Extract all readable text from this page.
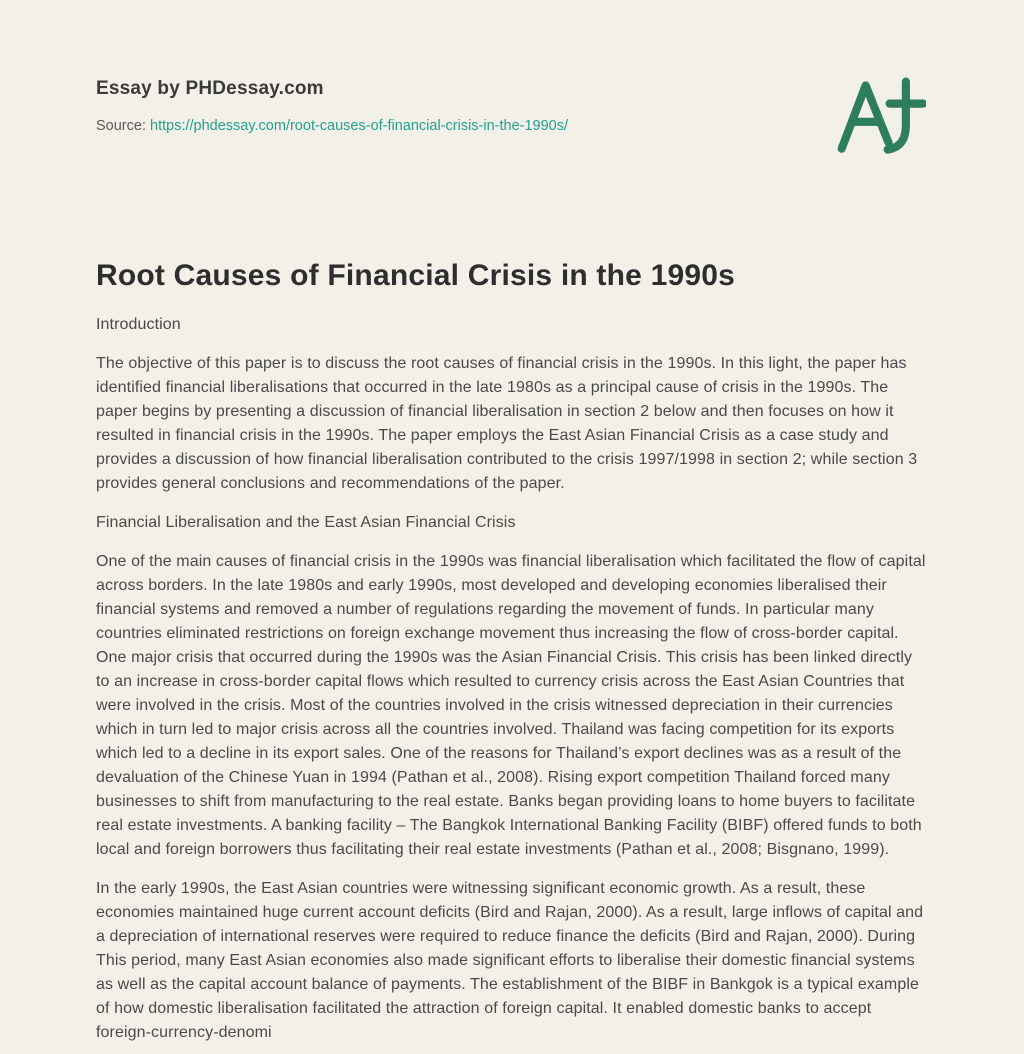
Essay by PHDessay.com
Source: https://phdessay.com/root-causes-of-financial-crisis-in-the-1990s/
Root Causes of Financial Crisis in the 1990s

Introduction

The objective of this paper is to discuss the root causes of financial crisis in the 1990s. In this light, the paper has identified financial liberalisations that occurred in the late 1980s as a principal cause of crisis in the 1990s. The paper begins by presenting a discussion of financial liberalisation in section 2 below and then focuses on how it resulted in financial crisis in the 1990s. The paper employs the East Asian Financial Crisis as a case study and provides a discussion of how financial liberalisation contributed to the crisis 1997/1998 in section 2; while section 3 provides general conclusions and recommendations of the paper.

Financial Liberalisation and the East Asian Financial Crisis

One of the main causes of financial crisis in the 1990s was financial liberalisation which facilitated the flow of capital across borders. In the late 1980s and early 1990s, most developed and developing economies liberalised their financial systems and removed a number of regulations regarding the movement of funds. In particular many countries eliminated restrictions on foreign exchange movement thus increasing the flow of cross-border capital. One major crisis that occurred during the 1990s was the Asian Financial Crisis. This crisis has been linked directly to an increase in cross-border capital flows which resulted to currency crisis across the East Asian Countries that were involved in the crisis. Most of the countries involved in the crisis witnessed depreciation in their currencies which in turn led to major crisis across all the countries involved. Thailand was facing competition for its exports which led to a decline in its export sales. One of the reasons for Thailand’s export declines was as a result of the devaluation of the Chinese Yuan in 1994 (Pathan et al., 2008). Rising export competition Thailand forced many businesses to shift from manufacturing to the real estate. Banks began providing loans to home buyers to facilitate real estate investments. A banking facility – The Bangkok International Banking Facility (BIBF) offered funds to both local and foreign borrowers thus facilitating their real estate investments (Pathan et al., 2008; Bisgnano, 1999).

In the early 1990s, the East Asian countries were witnessing significant economic growth. As a result, these economies maintained huge current account deficits (Bird and Rajan, 2000). As a result, large inflows of capital and a depreciation of international reserves were required to reduce finance the deficits (Bird and Rajan, 2000). During This period, many East Asian economies also made significant efforts to liberalise their domestic financial systems as well as the capital account balance of payments. The establishment of the BIBF in Bankgok is a typical example of how domestic liberalisation facilitated the attraction of foreign capital. It enabled domestic banks to accept foreign-currency-denomi
